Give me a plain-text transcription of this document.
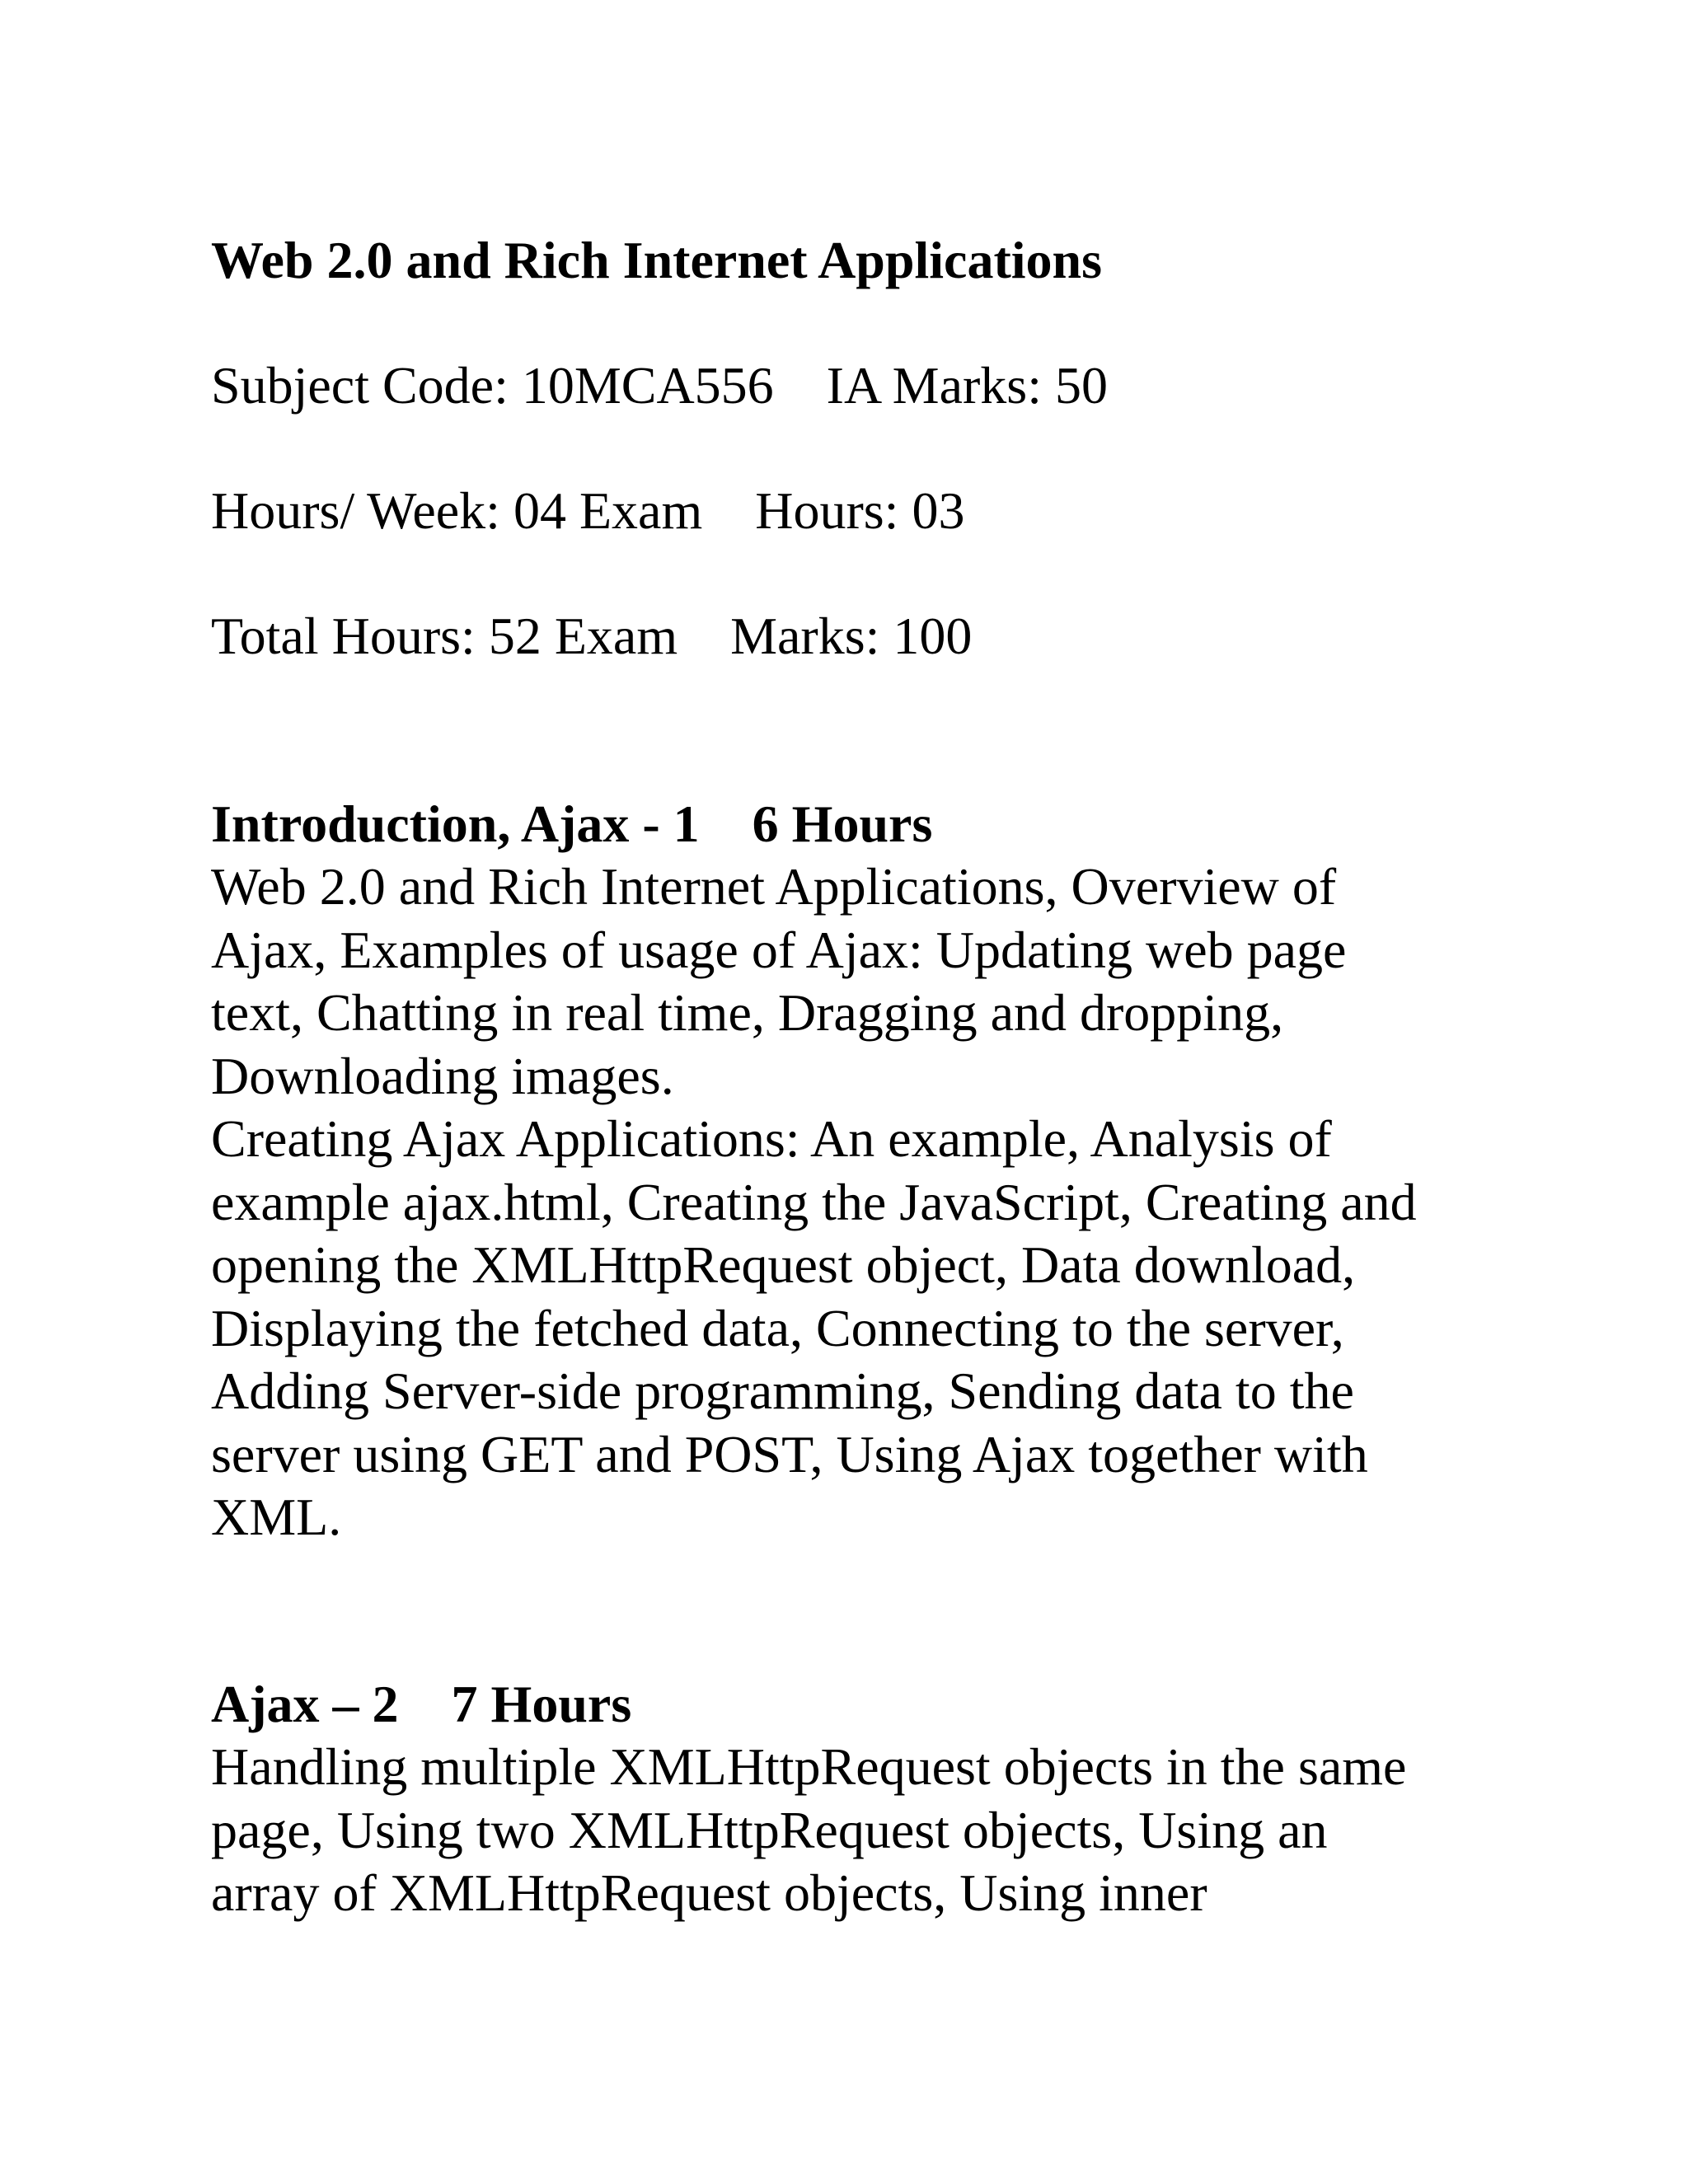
Web 2.0 and Rich Internet Applications
Subject Code: 10MCA556    IA Marks: 50
Hours/ Week: 04 Exam    Hours: 03
Total Hours: 52 Exam    Marks: 100
Introduction, Ajax - 1    6 Hours
Web 2.0 and Rich Internet Applications, Overview of
Ajax, Examples of usage of Ajax: Updating web page
text, Chatting in real time, Dragging and dropping,
Downloading images.
Creating Ajax Applications: An example, Analysis of
example ajax.html, Creating the JavaScript, Creating and
opening the XMLHttpRequest object, Data download,
Displaying the fetched data, Connecting to the server,
Adding Server-side programming, Sending data to the
server using GET and POST, Using Ajax together with
XML.
Ajax – 2    7 Hours
Handling multiple XMLHttpRequest objects in the same
page, Using two XMLHttpRequest objects, Using an
array of XMLHttpRequest objects, Using inner
